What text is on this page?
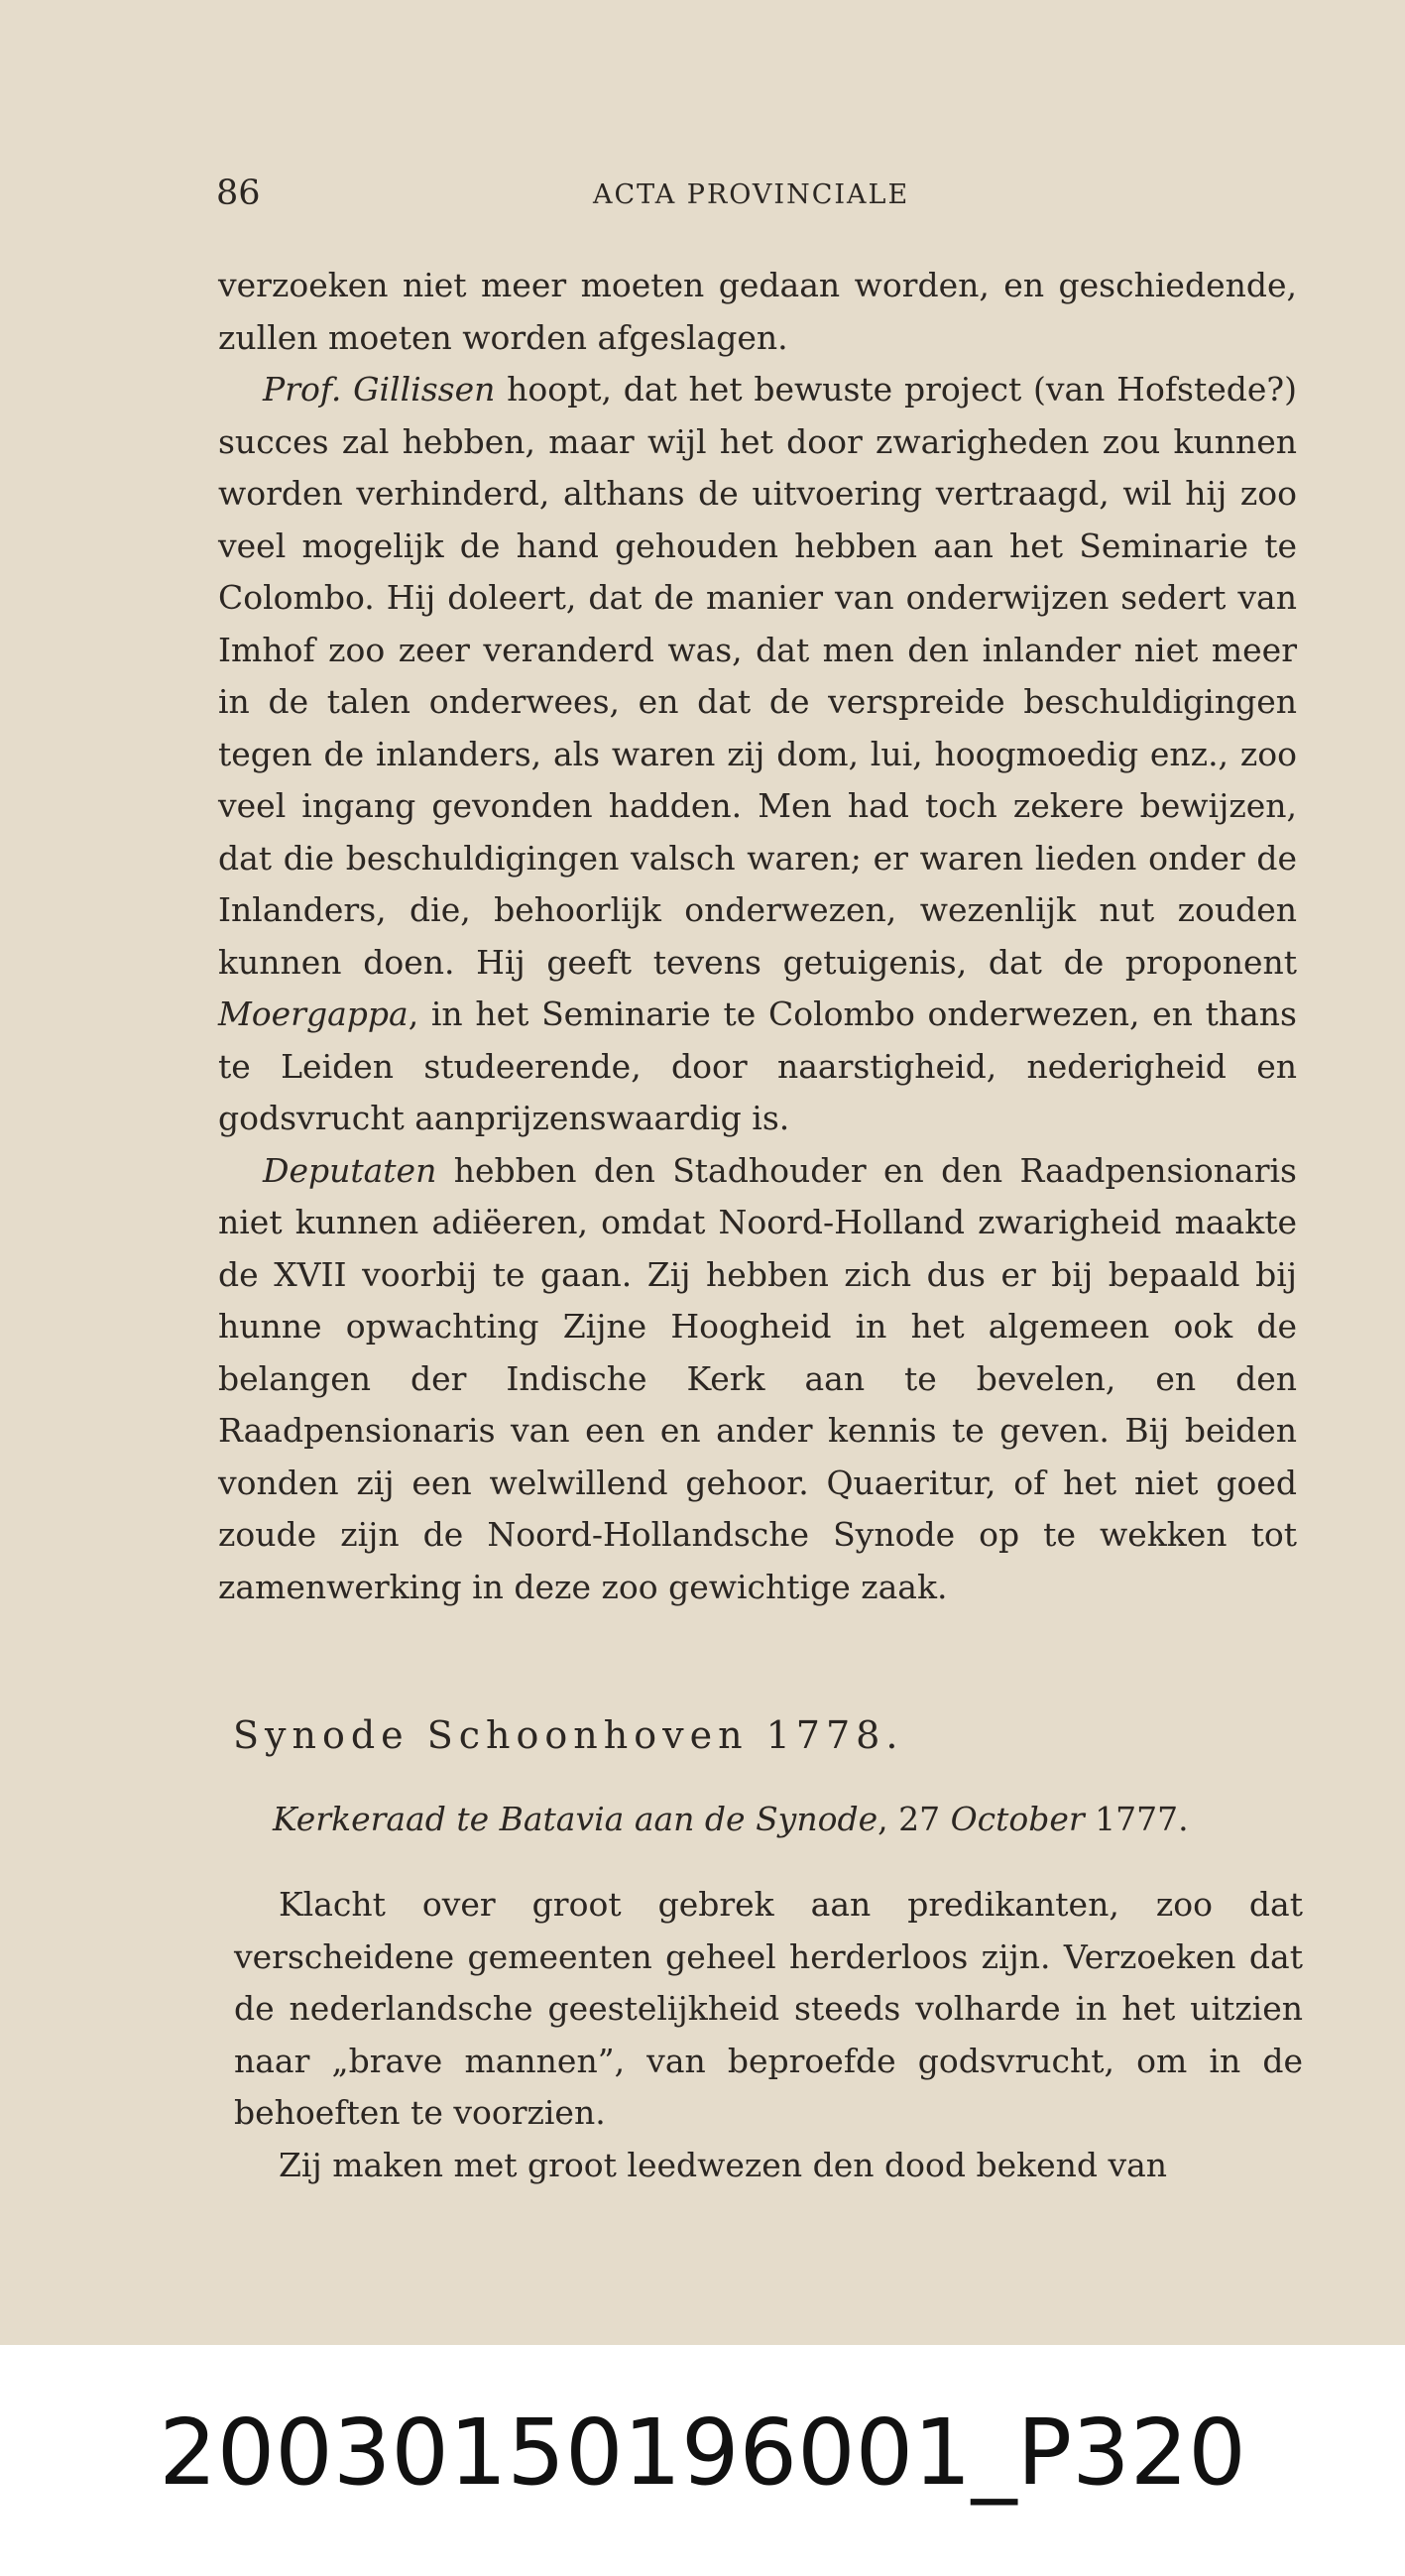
86	ACTA PROVINCIALE

verzoeken niet meer moeten gedaan worden, en geschiedende, zullen moeten worden afgeslagen.

Prof. Gillissen hoopt, dat het bewuste project (van Hofstede?) succes zal hebben, maar wijl het door zwarigheden zou kunnen worden verhinderd, althans de uitvoering vertraagd, wil hij zoo veel mogelijk de hand gehouden hebben aan het Seminarie te Colombo. Hij doleert, dat de manier van onderwijzen sedert van Imhof zoo zeer veranderd was, dat men den inlander niet meer in de talen onderwees, en dat de verspreide beschuldigingen tegen de inlanders, als waren zij dom, lui, hoogmoedig enz., zoo veel ingang gevonden hadden. Men had toch zekere bewijzen, dat die beschuldigingen valsch waren; er waren lieden onder de Inlanders, die, behoorlijk onderwezen, wezenlijk nut zouden kunnen doen. Hij geeft tevens getuigenis, dat de proponent Moergappa, in het Seminarie te Colombo onderwezen, en thans te Leiden studeerende, door naarstigheid, nederigheid en godsvrucht aanprijzenswaardig is.

Deputaten hebben den Stadhouder en den Raadpensionaris niet kunnen adiëeren, omdat Noord-Holland zwarigheid maakte de XVII voorbij te gaan. Zij hebben zich dus er bij bepaald bij hunne opwachting Zijne Hoogheid in het algemeen ook de belangen der Indische Kerk aan te bevelen, en den Raadpensionaris van een en ander kennis te geven. Bij beiden vonden zij een welwillend gehoor. Quaeritur, of het niet goed zoude zijn de Noord-Hollandsche Synode op te wekken tot zamenwerking in deze zoo gewichtige zaak.

Synode Schoonhoven 1778.
Kerkeraad te Batavia aan de Synode, 27 October 1777.

Klacht over groot gebrek aan predikanten, zoo dat verscheidene gemeenten geheel herderloos zijn. Verzoeken dat de nederlandsche geestelijkheid steeds volharde in het uitzien naar „brave mannen”, van beproefde godsvrucht, om in de behoeften te voorzien.

Zij maken met groot leedwezen den dood bekend van

20030150196001_P320
